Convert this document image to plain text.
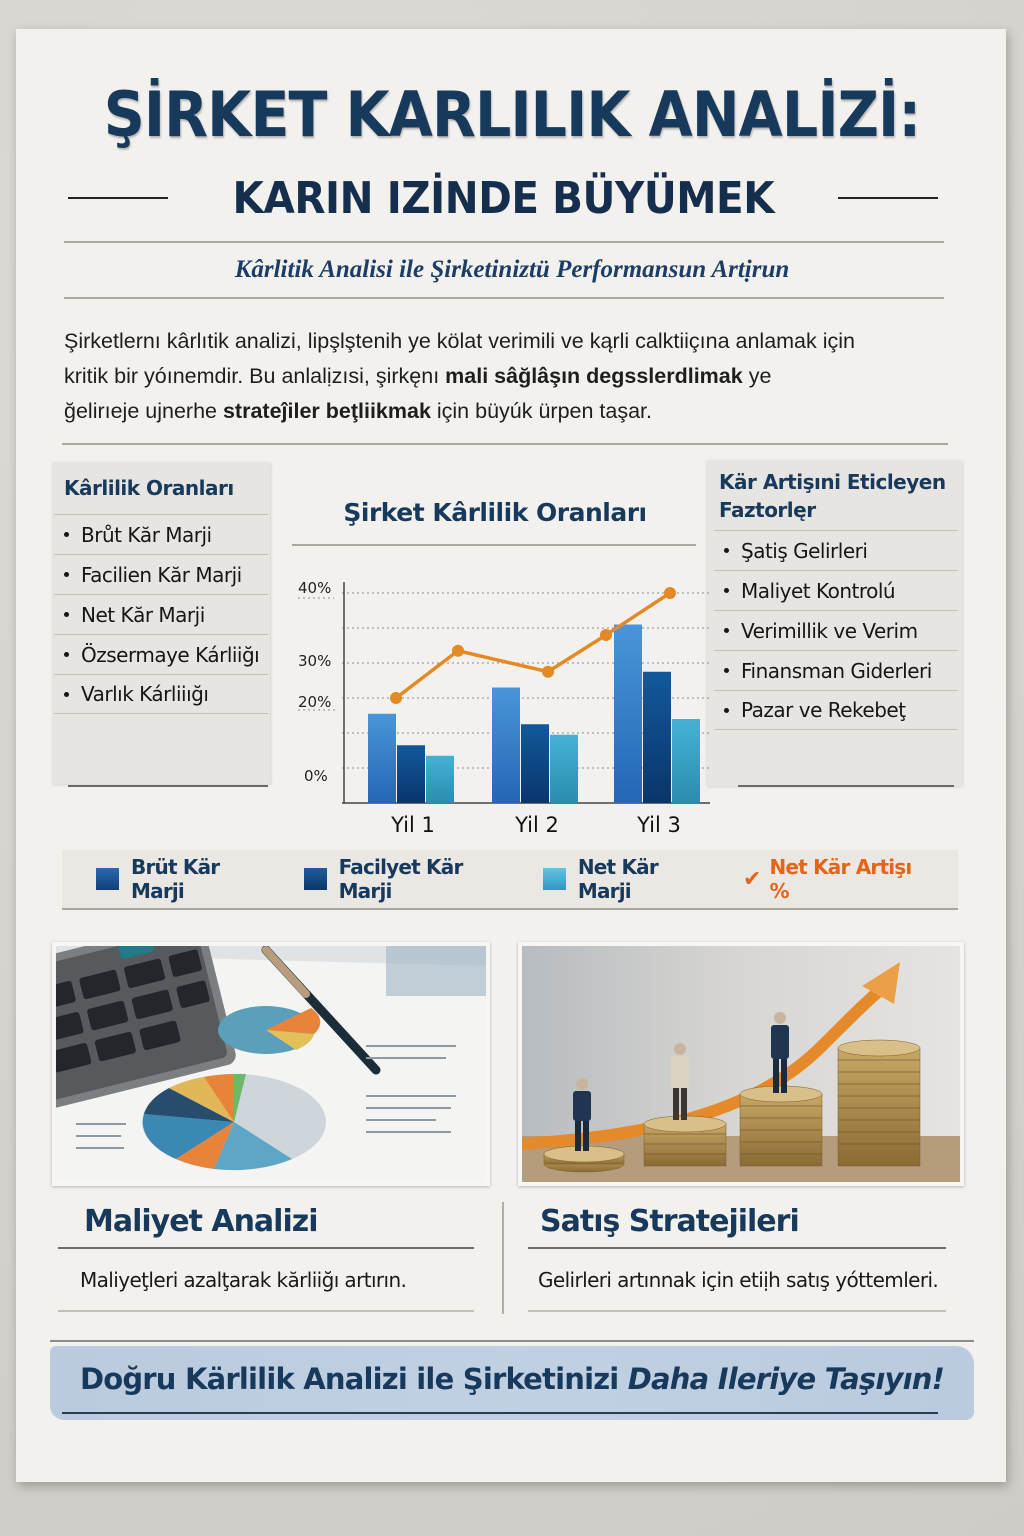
ŞİRKET KARLILIK ANALİZİ:
KARIN IZİNDE BÜYÜMEK
Kârlitik Analisi ile Şirketiniztü Performansun Artịrun
Şirketlernı kârlıtik analizi, lipşlştenih ye kölat verimili ve kąrli calktiiçına anlamak için
kritik bir yóınemdir. Bu anlalịzısi, şirkęnı mali sâğlâşın degsslerdlimak ye
ğelirıeje ujnerhe strateĵiler beţliikmak için büyúk ürpen taşar.
Kârlilik Oranları
Brůt Kăr Marji
Facilien Kăr Marji
Net Kăr Marji
Özsermaye Kárliiğı
Varlık Kárliiığı
Kär Artişıni Eticleyen
Faztorlęr
Şatiş Gelirleri
Maliyet Kontrolú
Verimillik ve Verim
Finansman Giderleri
Pazar ve Rekebeţ
Şirket Kârlilik Oranları
40%
30%
20%
0%
Yil 1	Yil 2	Yil 3
Brüt Kär Marji
Facilyet Kär Marji
Net Kär Marji	✔ Net Kär Artişı %
Maliyet Analizi
Maliyeţleri azalţarak kărliiğı artırın.
Satış Stratejileri
Gelirleri artınnak için etiịh satış yóttemleri.
Doğru Kärlilik Analizi ile Şirketinizi Daha Ileriye Taşıyın!
